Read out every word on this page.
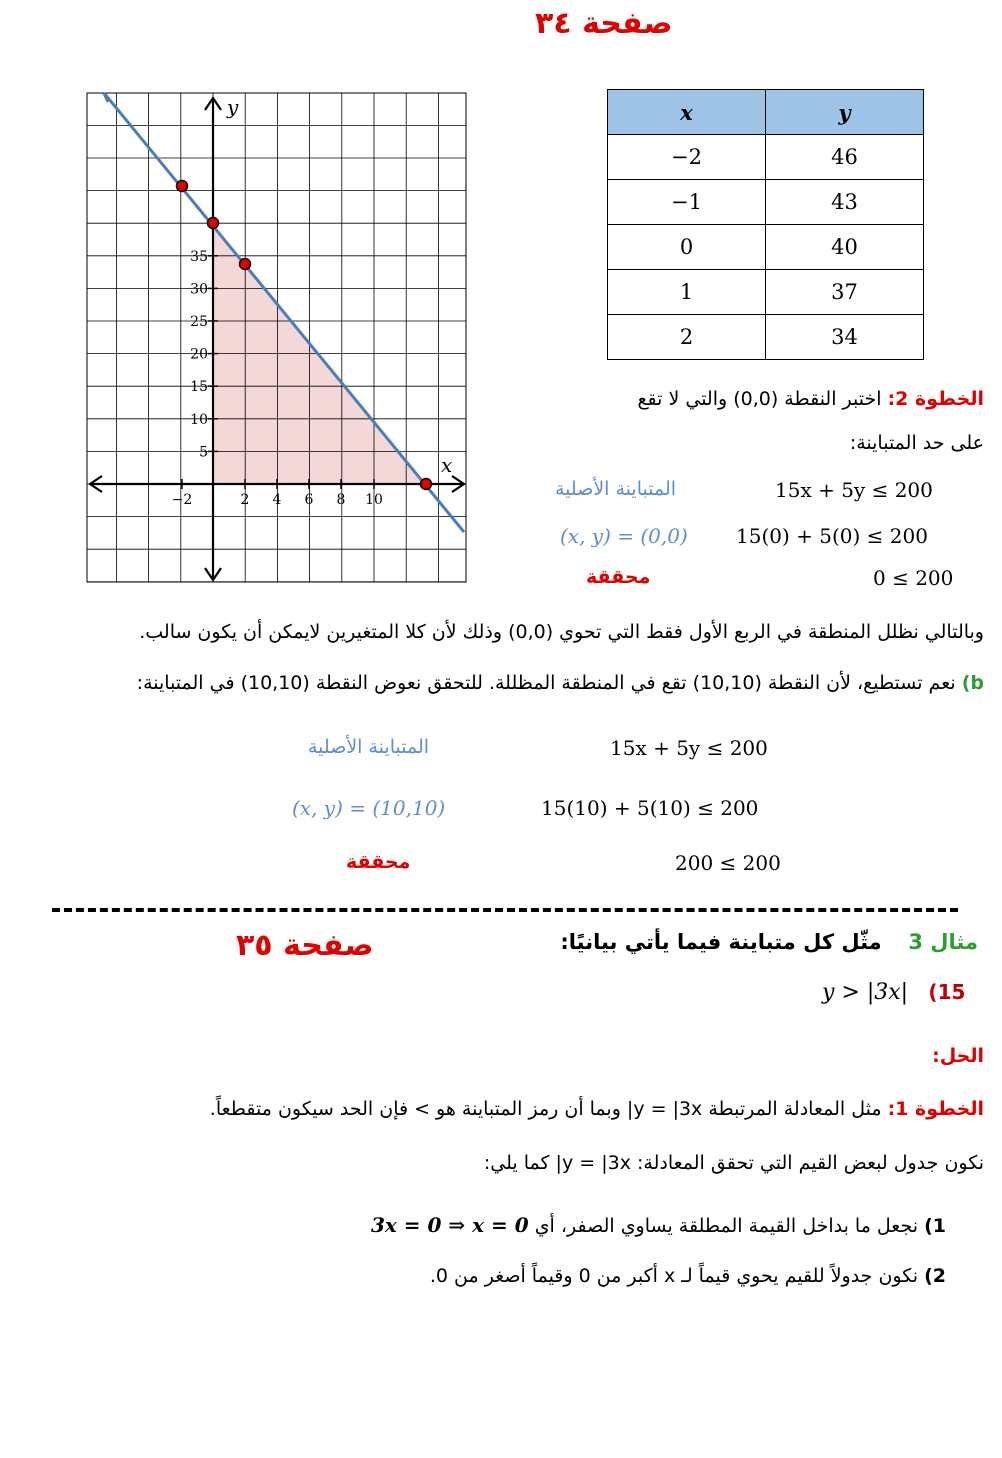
صفحة ٣٤
35
30
25
20
15
10
5
−2	2 4 6 8 10
y
x
x	y
−2	46
−1	43
0	40
1	37
2	34
الخطوة 2: اختبر النقطة (0,0) والتي لا تقع
على حد المتباينة:
15x + 5y ≤ 200
المتباينة الأصلية
15(0) + 5(0) ≤ 200
(x, y) = (0,0)
0 ≤ 200
محققة
وبالتالي نظلل المنطقة في الربع الأول فقط التي تحوي (0,0) وذلك لأن كلا المتغيرين لايمكن أن يكون سالب.
b) نعم تستطيع، لأن النقطة (10,10) تقع في المنطقة المظللة. للتحقق نعوض النقطة (10,10) في المتباينة:
15x + 5y ≤ 200
المتباينة الأصلية
15(10) + 5(10) ≤ 200
(x, y) = (10,10)
200 ≤ 200
محققة
صفحة ٣٥	مثال 3    مثّل كل متباينة فيما يأتي بيانيًا:
y > |3x| (15
الحل:
الخطوة 1: مثل المعادلة المرتبطة y = |3x| وبما أن رمز المتباينة هو > فإن الحد سيكون متقطعاً.
نكون جدول لبعض القيم التي تحقق المعادلة: y = |3x| كما يلي:
1) نجعل ما بداخل القيمة المطلقة يساوي الصفر، أي 3x = 0 ⇒ x = 0
2) نكون جدولاً للقيم يحوي قيماً لـ x أكبر من 0 وقيماً أصغر من 0.
